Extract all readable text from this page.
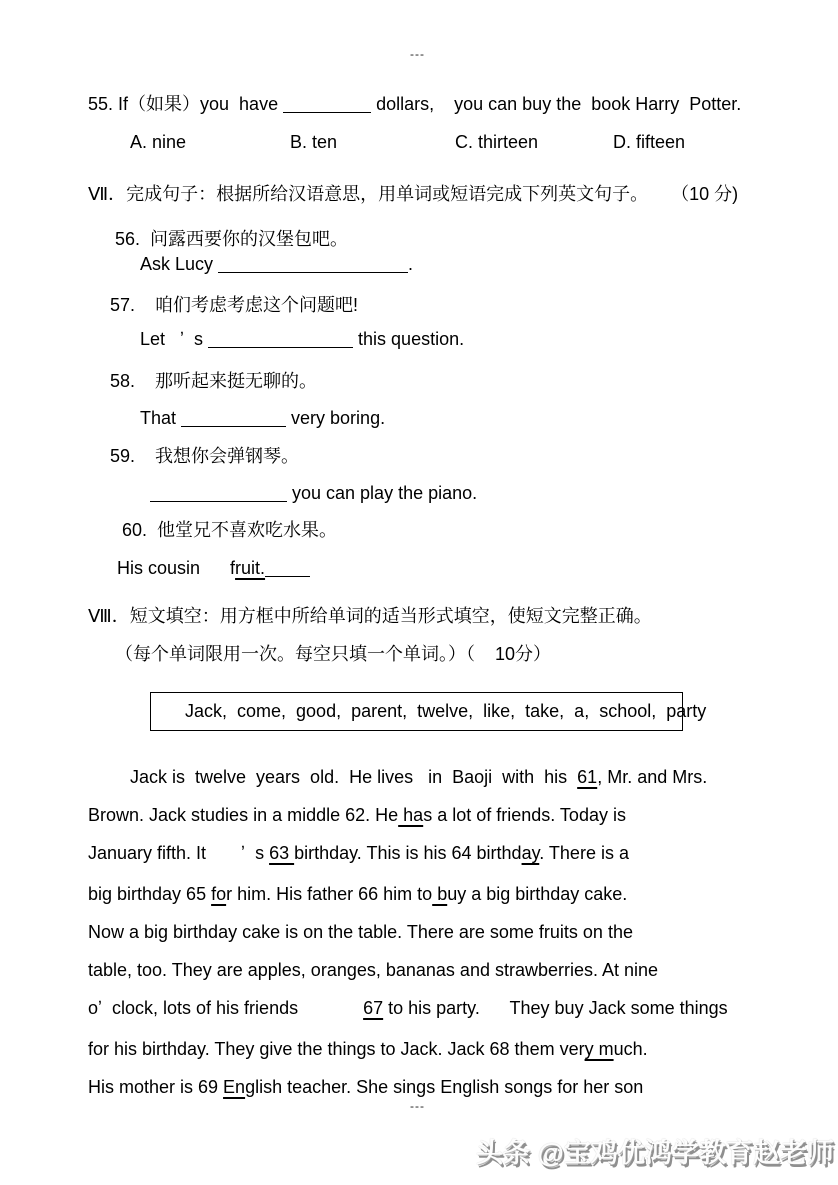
---
55. If（如果）you  have	dollars,    you can buy the  book Harry  Potter.
A. nine	B. ten	C. thirteen	D. fifteen
Ⅶ．完成句子：根据所给汉语意思，用单词或短语完成下列英文句子。 （10 分)
56.  问露西要你的汉堡包吧。
Ask Lucy	.
57.    咱们考虑考虑这个问题吧!
Let   ʼ  s	this question.
58.    那听起来挺无聊的。
That	very boring.
59.    我想你会弹钢琴。
you can play the piano.
60.  他堂兄不喜欢吃水果。
His cousin      fruit.
Ⅷ．短文填空：用方框中所给单词的适当形式填空，使短文完整正确。
（每个单词限用一次。每空只填一个单词。）（    10分）
Jack,  come,  good,  parent,  twelve,  like,  take,  a,  school,  party
Jack is  twelve  years  old.  He lives   in  Baoji  with  his  61, Mr. and Mrs.
Brown. Jack studies in a middle 62. He has a lot of friends. Today is
January fifth. It       ʼ  s 63 birthday. This is his 64 birthday. There is a
big birthday 65 for him. His father 66 him to buy a big birthday cake.
Now a big birthday cake is on the table. There are some fruits on the
table, too. They are apples, oranges, bananas and strawberries. At nine
oʼ  clock, lots of his friends             67 to his party.      They buy Jack some things
for his birthday. They give the things to Jack. Jack 68 them very much.
His mother is 69 English teacher. She sings English songs for her son
---
头条 @宝鸡优鸿学教育赵老师
